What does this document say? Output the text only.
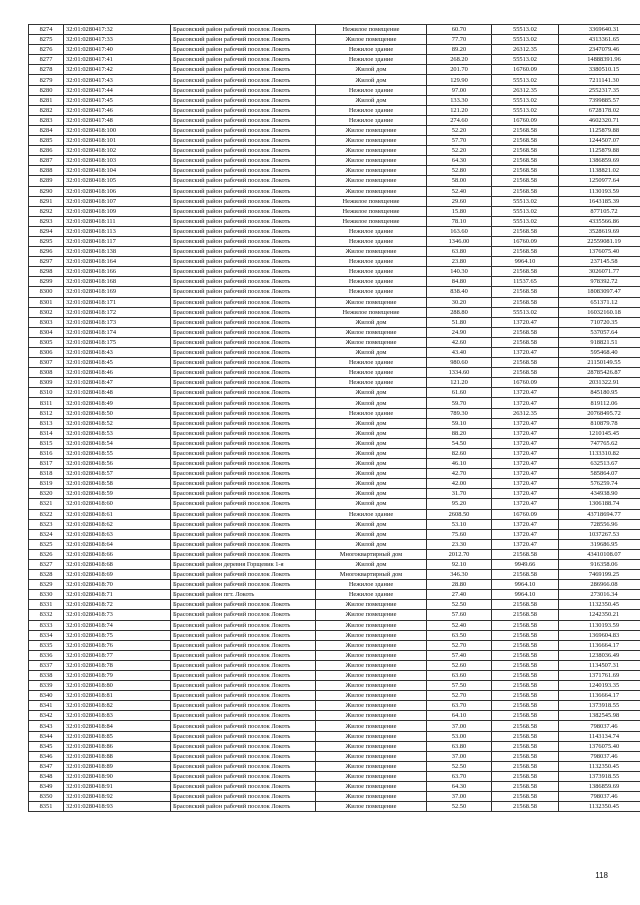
8274	32:01:0280417:32	Брасовский район рабочий поселок Локоть	Нежилое помещение	60.70	55513.02	3369640.31
8275	32:01:0280417:33	Брасовский район рабочий поселок Локоть	Жилое помещение	77.70	55513.02	4313361.65
8276	32:01:0280417:40	Брасовский район рабочий поселок Локоть	Нежилое здание	89.20	26312.35	2347079.46
8277	32:01:0280417:41	Брасовский район рабочий поселок Локоть	Нежилое здание	268.20	55513.02	14888391.96
8278	32:01:0280417:42	Брасовский район рабочий поселок Локоть	Жилой дом	201.70	16760.09	3380510.15
8279	32:01:0280417:43	Брасовский район рабочий поселок Локоть	Жилой дом	129.90	55513.02	7211141.30
8280	32:01:0280417:44	Брасовский район рабочий поселок Локоть	Нежилое здание	97.00	26312.35	2552317.35
8281	32:01:0280417:45	Брасовский район рабочий поселок Локоть	Жилой дом	133.30	55513.02	7399885.57
8282	32:01:0280417:46	Брасовский район рабочий поселок Локоть	Нежилое здание	121.20	55513.02	6728178.02
8283	32:01:0280417:48	Брасовский район рабочий поселок Локоть	Нежилое здание	274.60	16760.09	4602320.71
8284	32:01:0280418:100	Брасовский район рабочий поселок Локоть	Жилое помещение	52.20	21568.58	1125879.88
8285	32:01:0280418:101	Брасовский район рабочий поселок Локоть	Жилое помещение	57.70	21568.58	1244507.07
8286	32:01:0280418:102	Брасовский район рабочий поселок Локоть	Жилое помещение	52.20	21568.58	1125879.88
8287	32:01:0280418:103	Брасовский район рабочий поселок Локоть	Жилое помещение	64.30	21568.58	1386859.69
8288	32:01:0280418:104	Брасовский район рабочий поселок Локоть	Жилое помещение	52.80	21568.58	1138821.02
8289	32:01:0280418:105	Брасовский район рабочий поселок Локоть	Жилое помещение	58.00	21568.58	1250977.64
8290	32:01:0280418:106	Брасовский район рабочий поселок Локоть	Жилое помещение	52.40	21568.58	1130193.59
8291	32:01:0280418:107	Брасовский район рабочий поселок Локоть	Нежилое помещение	29.60	55513.02	1643185.39
8292	32:01:0280418:109	Брасовский район рабочий поселок Локоть	Нежилое помещение	15.80	55513.02	877105.72
8293	32:01:0280418:111	Брасовский район рабочий поселок Локоть	Нежилое помещение	78.10	55513.02	4335566.86
8294	32:01:0280418:113	Брасовский район рабочий поселок Локоть	Нежилое здание	163.60	21568.58	3528619.69
8295	32:01:0280418:117	Брасовский район рабочий поселок Локоть	Нежилое здание	1346.00	16760.09	22559081.19
8296	32:01:0280418:138	Брасовский район рабочий поселок Локоть	Жилое помещение	63.80	21568.58	1376075.40
8297	32:01:0280418:164	Брасовский район рабочий поселок Локоть	Нежилое здание	23.80	9964.10	237145.58
8298	32:01:0280418:166	Брасовский район рабочий поселок Локоть	Нежилое здание	140.30	21568.58	3026071.77
8299	32:01:0280418:168	Брасовский район рабочий поселок Локоть	Нежилое здание	84.80	11537.65	978392.72
8300	32:01:0280418:169	Брасовский район рабочий поселок Локоть	Нежилое здание	838.40	21568.58	18083097.47
8301	32:01:0280418:171	Брасовский район рабочий поселок Локоть	Жилое помещение	30.20	21568.58	651371.12
8302	32:01:0280418:172	Брасовский район рабочий поселок Локоть	Нежилое помещение	288.80	55513.02	16032160.18
8303	32:01:0280418:173	Брасовский район рабочий поселок Локоть	Жилой дом	51.80	13720.47	710720.35
8304	32:01:0280418:174	Брасовский район рабочий поселок Локоть	Жилое помещение	24.90	21568.58	537057.64
8305	32:01:0280418:175	Брасовский район рабочий поселок Локоть	Жилое помещение	42.60	21568.58	918821.51
8306	32:01:0280418:43	Брасовский район рабочий поселок Локоть	Жилой дом	43.40	13720.47	595468.40
8307	32:01:0280418:45	Брасовский район рабочий поселок Локоть	Нежилое здание	980.60	21568.58	21150149.55
8308	32:01:0280418:46	Брасовский район рабочий поселок Локоть	Нежилое здание	1334.60	21568.58	28785426.87
8309	32:01:0280418:47	Брасовский район рабочий поселок Локоть	Нежилое здание	121.20	16760.09	2031322.91
8310	32:01:0280418:48	Брасовский район рабочий поселок Локоть	Жилой дом	61.60	13720.47	845180.95
8311	32:01:0280418:49	Брасовский район рабочий поселок Локоть	Жилой дом	59.70	13720.47	819112.06
8312	32:01:0280418:50	Брасовский район рабочий поселок Локоть	Нежилое здание	789.30	26312.35	20768495.72
8313	32:01:0280418:52	Брасовский район рабочий поселок Локоть	Жилой дом	59.10	13720.47	810879.78
8314	32:01:0280418:53	Брасовский район рабочий поселок Локоть	Жилой дом	88.20	13720.47	1210145.45
8315	32:01:0280418:54	Брасовский район рабочий поселок Локоть	Жилой дом	54.50	13720.47	747765.62
8316	32:01:0280418:55	Брасовский район рабочий поселок Локоть	Жилой дом	82.60	13720.47	1133310.82
8317	32:01:0280418:56	Брасовский район рабочий поселок Локоть	Жилой дом	46.10	13720.47	632513.67
8318	32:01:0280418:57	Брасовский район рабочий поселок Локоть	Жилой дом	42.70	13720.47	585864.07
8319	32:01:0280418:58	Брасовский район рабочий поселок Локоть	Жилой дом	42.00	13720.47	576259.74
8320	32:01:0280418:59	Брасовский район рабочий поселок Локоть	Жилой дом	31.70	13720.47	434938.90
8321	32:01:0280418:60	Брасовский район рабочий поселок Локоть	Жилой дом	95.20	13720.47	1306188.74
8322	32:01:0280418:61	Брасовский район рабочий поселок Локоть	Нежилое здание	2608.50	16760.09	43718694.77
8323	32:01:0280418:62	Брасовский район рабочий поселок Локоть	Жилой дом	53.10	13720.47	728556.96
8324	32:01:0280418:63	Брасовский район рабочий поселок Локоть	Жилой дом	75.60	13720.47	1037267.53
8325	32:01:0280418:64	Брасовский район рабочий поселок Локоть	Жилой дом	23.30	13720.47	319686.95
8326	32:01:0280418:66	Брасовский район рабочий поселок Локоть	Многоквартирный дом	2012.70	21568.58	43410108.07
8327	32:01:0280418:68	Брасовский район деревня Горщевик 1-я	Жилой дом	92.10	9949.66	916358.06
8328	32:01:0280418:69	Брасовский район рабочий поселок Локоть	Многоквартирный дом	346.30	21568.58	7469199.25
8329	32:01:0280418:70	Брасовский район рабочий поселок Локоть	Нежилое здание	28.80	9964.10	286966.08
8330	32:01:0280418:71	Брасовский район пгт. Локоть	Нежилое здание	27.40	9964.10	273016.34
8331	32:01:0280418:72	Брасовский район рабочий поселок Локоть	Жилое помещение	52.50	21568.58	1132350.45
8332	32:01:0280418:73	Брасовский район рабочий поселок Локоть	Жилое помещение	57.60	21568.58	1242350.21
8333	32:01:0280418:74	Брасовский район рабочий поселок Локоть	Жилое помещение	52.40	21568.58	1130193.59
8334	32:01:0280418:75	Брасовский район рабочий поселок Локоть	Жилое помещение	63.50	21568.58	1369604.83
8335	32:01:0280418:76	Брасовский район рабочий поселок Локоть	Жилое помещение	52.70	21568.58	1136664.17
8336	32:01:0280418:77	Брасовский район рабочий поселок Локоть	Жилое помещение	57.40	21568.58	1238036.49
8337	32:01:0280418:78	Брасовский район рабочий поселок Локоть	Жилое помещение	52.60	21568.58	1134507.31
8338	32:01:0280418:79	Брасовский район рабочий поселок Локоть	Жилое помещение	63.60	21568.58	1371761.69
8339	32:01:0280418:80	Брасовский район рабочий поселок Локоть	Жилое помещение	57.50	21568.58	1240193.35
8340	32:01:0280418:81	Брасовский район рабочий поселок Локоть	Жилое помещение	52.70	21568.58	1136664.17
8341	32:01:0280418:82	Брасовский район рабочий поселок Локоть	Жилое помещение	63.70	21568.58	1373918.55
8342	32:01:0280418:83	Брасовский район рабочий поселок Локоть	Жилое помещение	64.10	21568.58	1382545.98
8343	32:01:0280418:84	Брасовский район рабочий поселок Локоть	Жилое помещение	37.00	21568.58	798037.46
8344	32:01:0280418:85	Брасовский район рабочий поселок Локоть	Жилое помещение	53.00	21568.58	1143134.74
8345	32:01:0280418:86	Брасовский район рабочий поселок Локоть	Жилое помещение	63.80	21568.58	1376075.40
8346	32:01:0280418:88	Брасовский район рабочий поселок Локоть	Жилое помещение	37.00	21568.58	798037.46
8347	32:01:0280418:89	Брасовский район рабочий поселок Локоть	Жилое помещение	52.50	21568.58	1132350.45
8348	32:01:0280418:90	Брасовский район рабочий поселок Локоть	Жилое помещение	63.70	21568.58	1373918.55
8349	32:01:0280418:91	Брасовский район рабочий поселок Локоть	Жилое помещение	64.30	21568.58	1386859.69
8350	32:01:0280418:92	Брасовский район рабочий поселок Локоть	Жилое помещение	37.00	21568.58	798037.46
8351	32:01:0280418:93	Брасовский район рабочий поселок Локоть	Жилое помещение	52.50	21568.58	1132350.45
118
